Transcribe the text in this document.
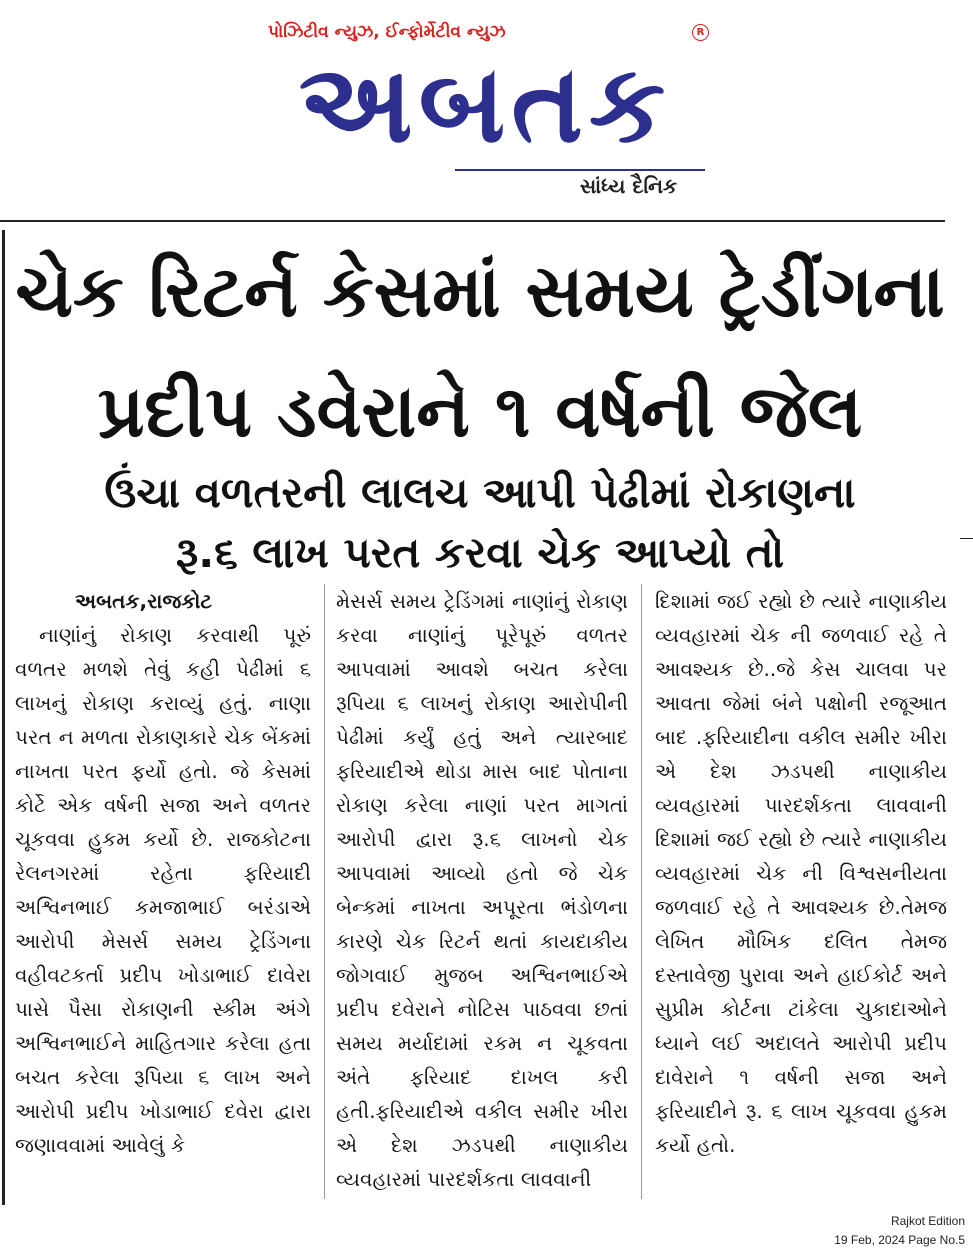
પોઝિટીવ ન્યુઝ, ઈન્ફોર્મેટીવ ન્યુઝ	R
અબતક
સાંધ્ય દૈનિક
ચેક રિટર્ન કેસમાં સમય ટ્રેડીંગના
પ્રદીપ ડવેરાને ૧ વર્ષની જેલ
ઉંચા વળતરની લાલચ આપી પેઢીમાં રોકાણના
રૂ.૬ લાખ પરત કરવા ચેક આપ્યો તો
અબતક,રાજકોટ

નાણાંનું રોકાણ કરવાથી પૂરું વળતર મળશે તેવું કહી પેઢીમાં ૬ લાખનું રોકાણ કરાવ્યું હતું. નાણા પરત ન મળતા રોકાણકારે ચેક બેંકમાં નાખતા પરત ફર્યો હતો. જે કેસમાં કોર્ટે એક વર્ષની સજા અને વળતર ચૂકવવા હુકમ કર્યો છે. રાજકોટના રેલનગરમાં રહેતા ફરિયાદી અશ્વિનભાઈ કમજાભાઈ બરંડાએ આરોપી મેસર્સ સમય ટ્રેડિંગના વહીવટકર્તા પ્રદીપ ખોડાભાઈ દાવેરા પાસે પૈસા રોકાણની સ્કીમ અંગે અશ્વિનભાઈને માહિતગાર કરેલા હતા બચત કરેલા રૂપિયા ૬ લાખ અને આરોપી પ્રદીપ ખોડાભાઈ દવેરા દ્વારા જણાવવામાં આવેલું કે

મેસર્સ સમય ટ્રેડિંગમાં નાણાંનું રોકાણ કરવા નાણાંનું પૂરેપૂરું વળતર આપવામાં આવશે બચત કરેલા રૂપિયા ૬ લાખનું રોકાણ આરોપીની પેઢીમાં કર્યું હતું અને ત્યારબાદ ફરિયાદીએ થોડા માસ બાદ પોતાના રોકાણ કરેલા નાણાં પરત માગતાં આરોપી દ્વારા રૂ.૬ લાખનો ચેક આપવામાં આવ્યો હતો જે ચેક બેન્કમાં નાખતા અપૂરતા ભંડોળના કારણે ચેક રિટર્ન થતાં કાયદાકીય જોગવાઈ મુજબ અશ્વિનભાઈએ પ્રદીપ દવેરાને નોટિસ પાઠવવા છતાં સમય મર્યાદામાં રકમ ન ચૂકવતા અંતે ફરિયાદ દાખલ કરી હતી.ફરિયાદીએ વકીલ સમીર ખીરા એ દેશ ઝડપથી નાણાકીય વ્યવહારમાં પારદર્શકતા લાવવાની

દિશામાં જઈ રહ્યો છે ત્યારે નાણાકીય વ્યવહારમાં ચેક ની જળવાઈ રહે તે આવશ્યક છે..જે કેસ ચાલવા પર આવતા જેમાં બંને પક્ષોની રજૂઆત બાદ .ફરિયાદીના વકીલ સમીર ખીરા એ દેશ ઝડપથી નાણાકીય વ્યવહારમાં પારદર્શકતા લાવવાની દિશામાં જઈ રહ્યો છે ત્યારે નાણાકીય વ્યવહારમાં ચેક ની વિશ્વસનીયતા જળવાઈ રહે તે આવશ્યક છે.તેમજ લેખિત મૌખિક દલિત તેમજ દસ્તાવેજી પુરાવા અને હાઈકોર્ટ અને સુપ્રીમ કોર્ટના ટાંકેલા ચુકાદાઓને ધ્યાને લઈ અદાલતે આરોપી પ્રદીપ દાવેરાને ૧ વર્ષની સજા અને ફરિયાદીને રૂ. ૬ લાખ ચૂકવવા હુકમ કર્યો હતો.

Rajkot Edition
19 Feb, 2024 Page No.5
